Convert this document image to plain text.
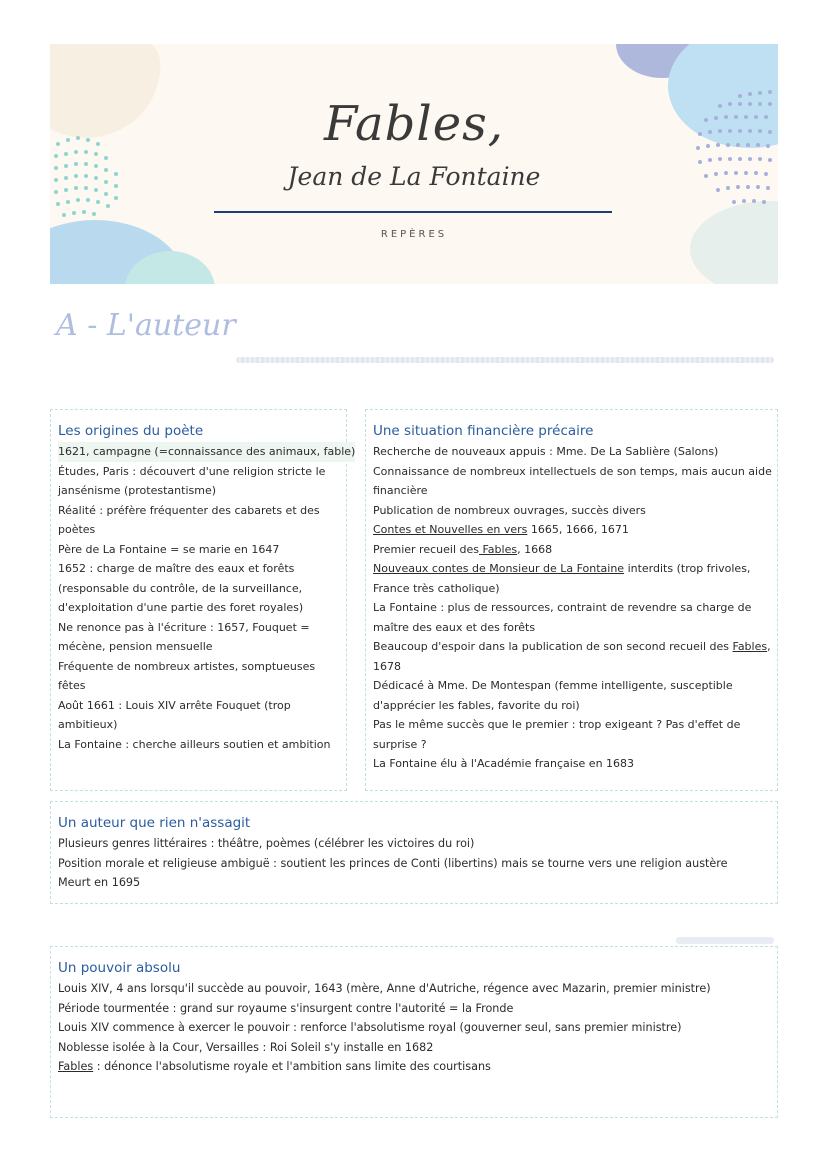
Fables,
Jean de La Fontaine
REPÈRES
A - L'auteur
Les origines du poète
1621, campagne (=connaissance des animaux, fable)
Études, Paris : découvert d'une religion stricte le
jansénisme (protestantisme)
Réalité : préfère fréquenter des cabarets et des
poètes
Père de La Fontaine = se marie en 1647
1652 : charge de maître des eaux et forêts
(responsable du contrôle, de la surveillance,
d'exploitation d'une partie des foret royales)
Ne renonce pas à l'écriture : 1657, Fouquet =
mécène, pension mensuelle
Fréquente de nombreux artistes, somptueuses
fêtes
Août 1661 : Louis XIV arrête Fouquet (trop
ambitieux)
La Fontaine : cherche ailleurs soutien et ambition
Une situation financière précaire
Recherche de nouveaux appuis : Mme. De La Sablière (Salons)
Connaissance de nombreux intellectuels de son temps, mais aucun aide
financière
Publication de nombreux ouvrages, succès divers
Contes et Nouvelles en vers 1665, 1666, 1671
Premier recueil des Fables, 1668
Nouveaux contes de Monsieur de La Fontaine interdits (trop frivoles,
France très catholique)
La Fontaine : plus de ressources, contraint de revendre sa charge de
maître des eaux et des forêts
Beaucoup d'espoir dans la publication de son second recueil des Fables,
1678
Dédicacé à Mme. De Montespan (femme intelligente, susceptible
d'apprécier les fables, favorite du roi)
Pas le même succès que le premier : trop exigeant ? Pas d'effet de
surprise ?
La Fontaine élu à l'Académie française en 1683
Un auteur que rien n'assagit
Plusieurs genres littéraires : théâtre, poèmes (célébrer les victoires du roi)
Position morale et religieuse ambiguë : soutient les princes de Conti (libertins) mais se tourne vers une religion austère
Meurt en 1695
Un pouvoir absolu
Louis XIV, 4 ans lorsqu'il succède au pouvoir, 1643 (mère, Anne d'Autriche, régence avec Mazarin, premier ministre)
Période tourmentée : grand sur royaume s'insurgent contre l'autorité = la Fronde
Louis XIV commence à exercer le pouvoir : renforce l'absolutisme royal (gouverner seul, sans premier ministre)
Noblesse isolée à la Cour, Versailles : Roi Soleil s'y installe en 1682
Fables : dénonce l'absolutisme royale et l'ambition sans limite des courtisans
